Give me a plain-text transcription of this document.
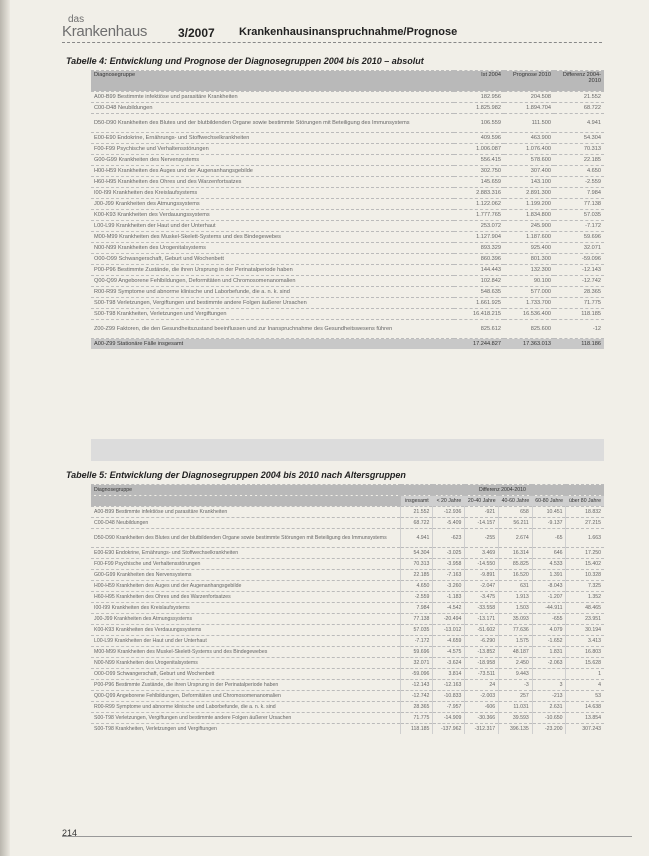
das
Krankenhaus	3/2007 Krankenhausinanspruchnahme/Prognose
Tabelle 4: Entwicklung und Prognose der Diagnosegruppen 2004 bis 2010 – absolut
Diagnosegruppe	Ist 2004	Prognose 2010	Differenz 2004-2010
A00-B99 Bestimmte infektiöse und parasitäre Krankheiten	182.956	204.508	21.552
C00-D48 Neubildungen	1.825.982	1.894.704	68.722
D50-D90 Krankheiten des Blutes und der blutbildenden Organe sowie bestimmte Störungen mit Beteiligung des Immunsystems	106.559	111.500	4.941
E00-E90 Endokrine, Ernährungs- und Stoffwechselkrankheiten	409.596	463.900	54.304
F00-F99 Psychische und Verhaltensstörungen	1.006.087	1.076.400	70.313
G00-G99 Krankheiten des Nervensystems	556.415	578.600	22.185
H00-H59 Krankheiten des Auges und der Augenanhangsgebilde	302.750	307.400	4.650
H60-H95 Krankheiten des Ohres und des Warzenfortsatzes	145.659	143.100	-2.559
I00-I99 Krankheiten des Kreislaufsystems	2.883.316	2.891.300	7.984
J00-J99 Krankheiten des Atmungssystems	1.122.062	1.199.200	77.138
K00-K93 Krankheiten des Verdauungssystems	1.777.765	1.834.800	57.035
L00-L99 Krankheiten der Haut und der Unterhaut	253.072	245.900	-7.172
M00-M99 Krankheiten des Muskel-Skelett-Systems und des Bindegewebes	1.127.904	1.187.600	59.696
N00-N99 Krankheiten des Urogenitalsystems	893.329	925.400	32.071
O00-O99 Schwangerschaft, Geburt und Wochenbett	860.396	801.300	-59.096
P00-P96 Bestimmte Zustände, die ihren Ursprung in der Perinatalperiode haben	144.443	132.300	-12.143
Q00-Q99 Angeborene Fehlbildungen, Deformitäten und Chromosomenanomalien	102.842	90.100	-12.742
R00-R99 Symptome und abnorme klinische und Laborbefunde, die a. n. k. sind	548.635	577.000	28.365
S00-T98 Verletzungen, Vergiftungen und bestimmte andere Folgen äußerer Ursachen	1.661.925	1.733.700	71.775
S00-T98 Krankheiten, Verletzungen und Vergiftungen	16.418.215	16.536.400	118.185
Z00-Z99 Faktoren, die den Gesundheitszustand beeinflussen und zur Inanspruchnahme des Gesundheitswesens führen	825.612	825.600	-12
A00-Z99 Stationäre Fälle insgesamt	17.244.827	17.363.013	118.186
Tabelle 5: Entwicklung der Diagnosegruppen 2004 bis 2010 nach Altersgruppen
Diagnosegruppe	Differenz 2004-2010					
	insgesamt	< 20 Jahre	20-40 Jahre	40-60 Jahre	60-80 Jahre	über 80 Jahre
A00-B99 Bestimmte infektiöse und parasitäre Krankheiten	21.552	-12.936	-921	658	10.451	18.832
C00-D48 Neubildungen	68.722	-5.409	-14.157	56.211	-9.137	27.215
D50-D90 Krankheiten des Blutes und der blutbildenden Organe sowie bestimmte Störungen mit Beteiligung des Immunsystems	4.941	-623	-255	2.674	-65	1.663
E00-E90 Endokrine, Ernährungs- und Stoffwechselkrankheiten	54.304	-3.025	3.469	16.314	646	17.250
F00-F99 Psychische und Verhaltensstörungen	70.313	-3.958	-14.550	85.825	4.533	15.402
G00-G99 Krankheiten des Nervensystems	22.185	-7.163	-9.891	16.520	1.391	10.328
H00-H59 Krankheiten des Auges und der Augenanhangsgebilde	4.650	-3.260	-2.047	631	-8.043	7.325
H60-H95 Krankheiten des Ohres und des Warzenfortsatzes	-2.559	-1.183	-3.475	1.913	-1.207	1.352
I00-I99 Krankheiten des Kreislaufsystems	7.984	-4.542	-33.558	1.503	-44.911	48.465
J00-J99 Krankheiten des Atmungssystems	77.138	-20.494	-13.171	35.093	-655	23.951
K00-K93 Krankheiten des Verdauungssystems	57.035	-13.012	-51.602	77.636	4.079	30.194
L00-L99 Krankheiten der Haut und der Unterhaut	-7.172	-4.659	-6.290	1.575	-1.652	3.413
M00-M99 Krankheiten des Muskel-Skelett-Systems und des Bindegewebes	59.696	-4.575	-13.852	48.187	1.831	16.803
N00-N99 Krankheiten des Urogenitalsystems	32.071	-3.624	-18.958	2.450	-2.063	15.628
O00-O99 Schwangerschaft, Geburt und Wochenbett	-59.096	3.814	-73.511	9.443		1
P00-P96 Bestimmte Zustände, die ihren Ursprung in der Perinatalperiode haben	-12.143	-12.163	24	-3	3	4
Q00-Q99 Angeborene Fehlbildungen, Deformitäten und Chromosomenanomalien	-12.742	-10.833	-2.003	257	-213	53
R00-R99 Symptome und abnorme klinische und Laborbefunde, die a. n. k. sind	28.365	-7.957	-606	11.031	2.631	14.638
S00-T98 Verletzungen, Vergiftungen und bestimmte andere Folgen äußerer Ursachen	71.775	-14.909	-30.366	39.593	-10.650	13.854
S00-T98 Krankheiten, Verletzungen und Vergiftungen	118.185	-137.962	-312.317	396.135	-23.200	307.243
214
